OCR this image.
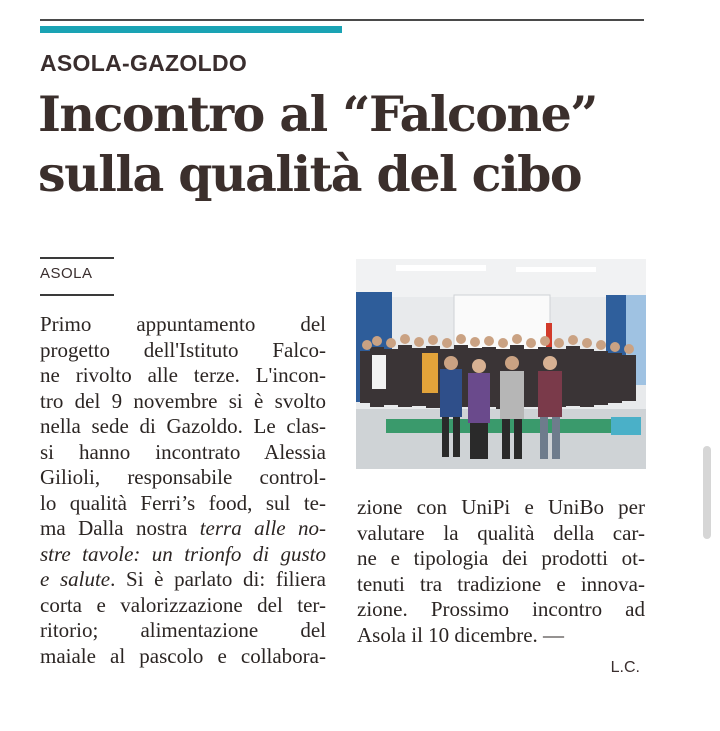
ASOLA-GAZOLDO
Incontro al “Falcone”
sulla qualità del cibo
ASOLA
Primo appuntamento del
progetto dell'Istituto Falco-
ne rivolto alle terze. L'incon-
tro del 9 novembre si è svolto
nella sede di Gazoldo. Le clas-
si hanno incontrato Alessia
Gilioli, responsabile control-
lo qualità Ferri’s food, sul te-
ma Dalla nostra terra alle no-
stre tavole: un trionfo di gusto
e salute. Si è parlato di: filiera
corta e valorizzazione del ter-
ritorio; alimentazione del
maiale al pascolo e collabora-
zione con UniPi e UniBo per
valutare la qualità della car-
ne e tipologia dei prodotti ot-
tenuti tra tradizione e innova-
zione. Prossimo incontro ad
Asola il 10 dicembre. —
L.C.
